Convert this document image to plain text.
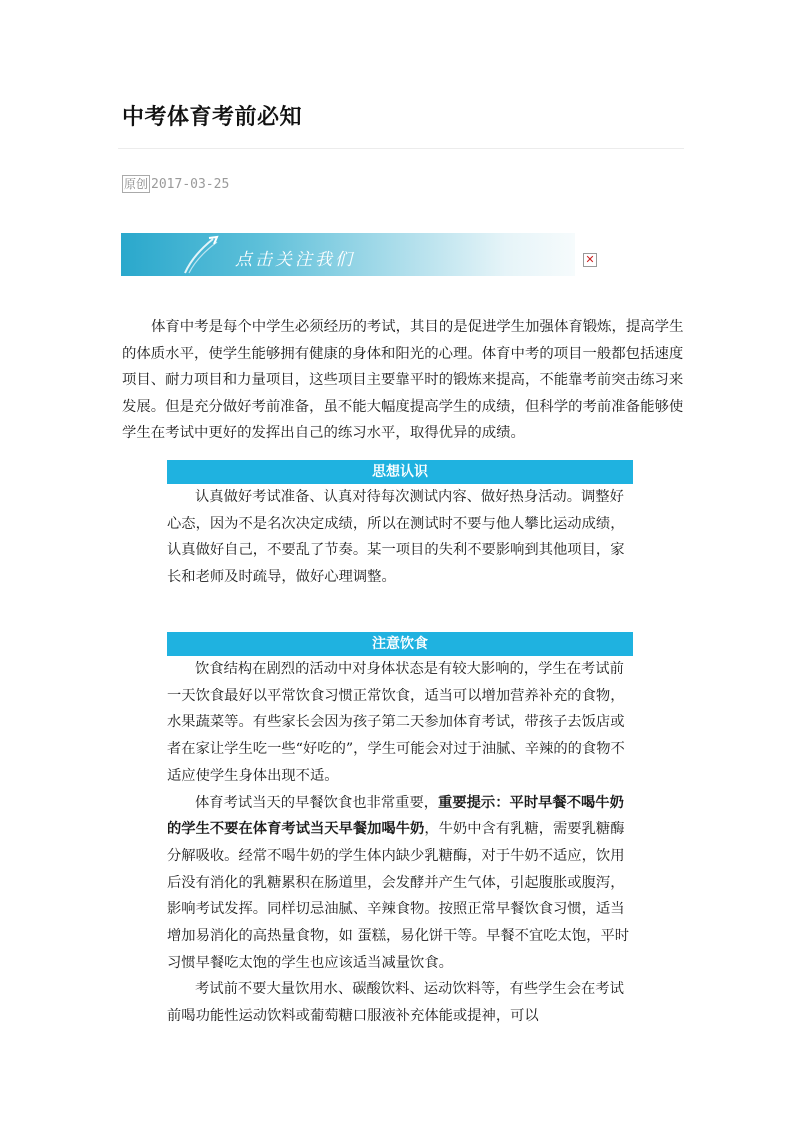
中考体育考前必知
原创 2017-03-25
点击关注我们	✕

体育中考是每个中学生必须经历的考试，其目的是促进学生加强体育锻炼，提高学生的体质水平，使学生能够拥有健康的身体和阳光的心理。体育中考的项目一般都包括速度项目、耐力项目和力量项目，这些项目主要靠平时的锻炼来提高，不能靠考前突击练习来发展。但是充分做好考前准备，虽不能大幅度提高学生的成绩，但科学的考前准备能够使学生在考试中更好的发挥出自己的练习水平，取得优异的成绩。

思想认识

认真做好考试准备、认真对待每次测试内容、做好热身活动。调整好心态，因为不是名次决定成绩，所以在测试时不要与他人攀比运动成绩，认真做好自己，不要乱了节奏。某一项目的失利不要影响到其他项目，家长和老师及时疏导，做好心理调整。

注意饮食

饮食结构在剧烈的活动中对身体状态是有较大影响的，学生在考试前一天饮食最好以平常饮食习惯正常饮食，适当可以增加营养补充的食物，水果蔬菜等。有些家长会因为孩子第二天参加体育考试，带孩子去饭店或者在家让学生吃一些“好吃的”，学生可能会对过于油腻、辛辣的的食物不适应使学生身体出现不适。

体育考试当天的早餐饮食也非常重要，重要提示：平时早餐不喝牛奶的学生不要在体育考试当天早餐加喝牛奶，牛奶中含有乳糖，需要乳糖酶分解吸收。经常不喝牛奶的学生体内缺少乳糖酶，对于牛奶不适应，饮用后没有消化的乳糖累积在肠道里，会发酵并产生气体，引起腹胀或腹泻，影响考试发挥。同样切忌油腻、辛辣食物。按照正常早餐饮食习惯，适当增加易消化的高热量食物，如 蛋糕，易化饼干等。早餐不宜吃太饱，平时习惯早餐吃太饱的学生也应该适当减量饮食。

考试前不要大量饮用水、碳酸饮料、运动饮料等，有些学生会在考试前喝功能性运动饮料或葡萄糖口服液补充体能或提神，可以
